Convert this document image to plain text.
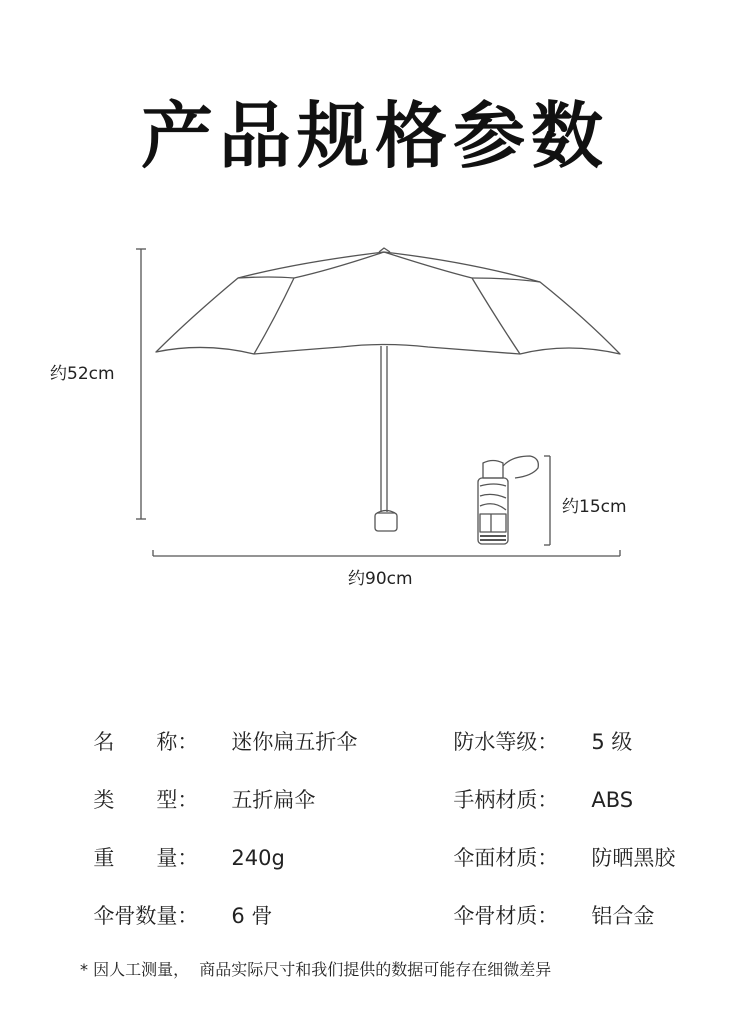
产品规格参数
约52cm
约90cm
约15cm

名　　称： 迷你扁五折伞

类　　型： 五折扁伞

重　　量： 240g

伞骨数量： 6 骨

防水等级： 5 级

手柄材质： ABS

伞面材质： 防晒黑胶

伞骨材质： 铝合金

* 因人工测量，  商品实际尺寸和我们提供的数据可能存在细微差异
